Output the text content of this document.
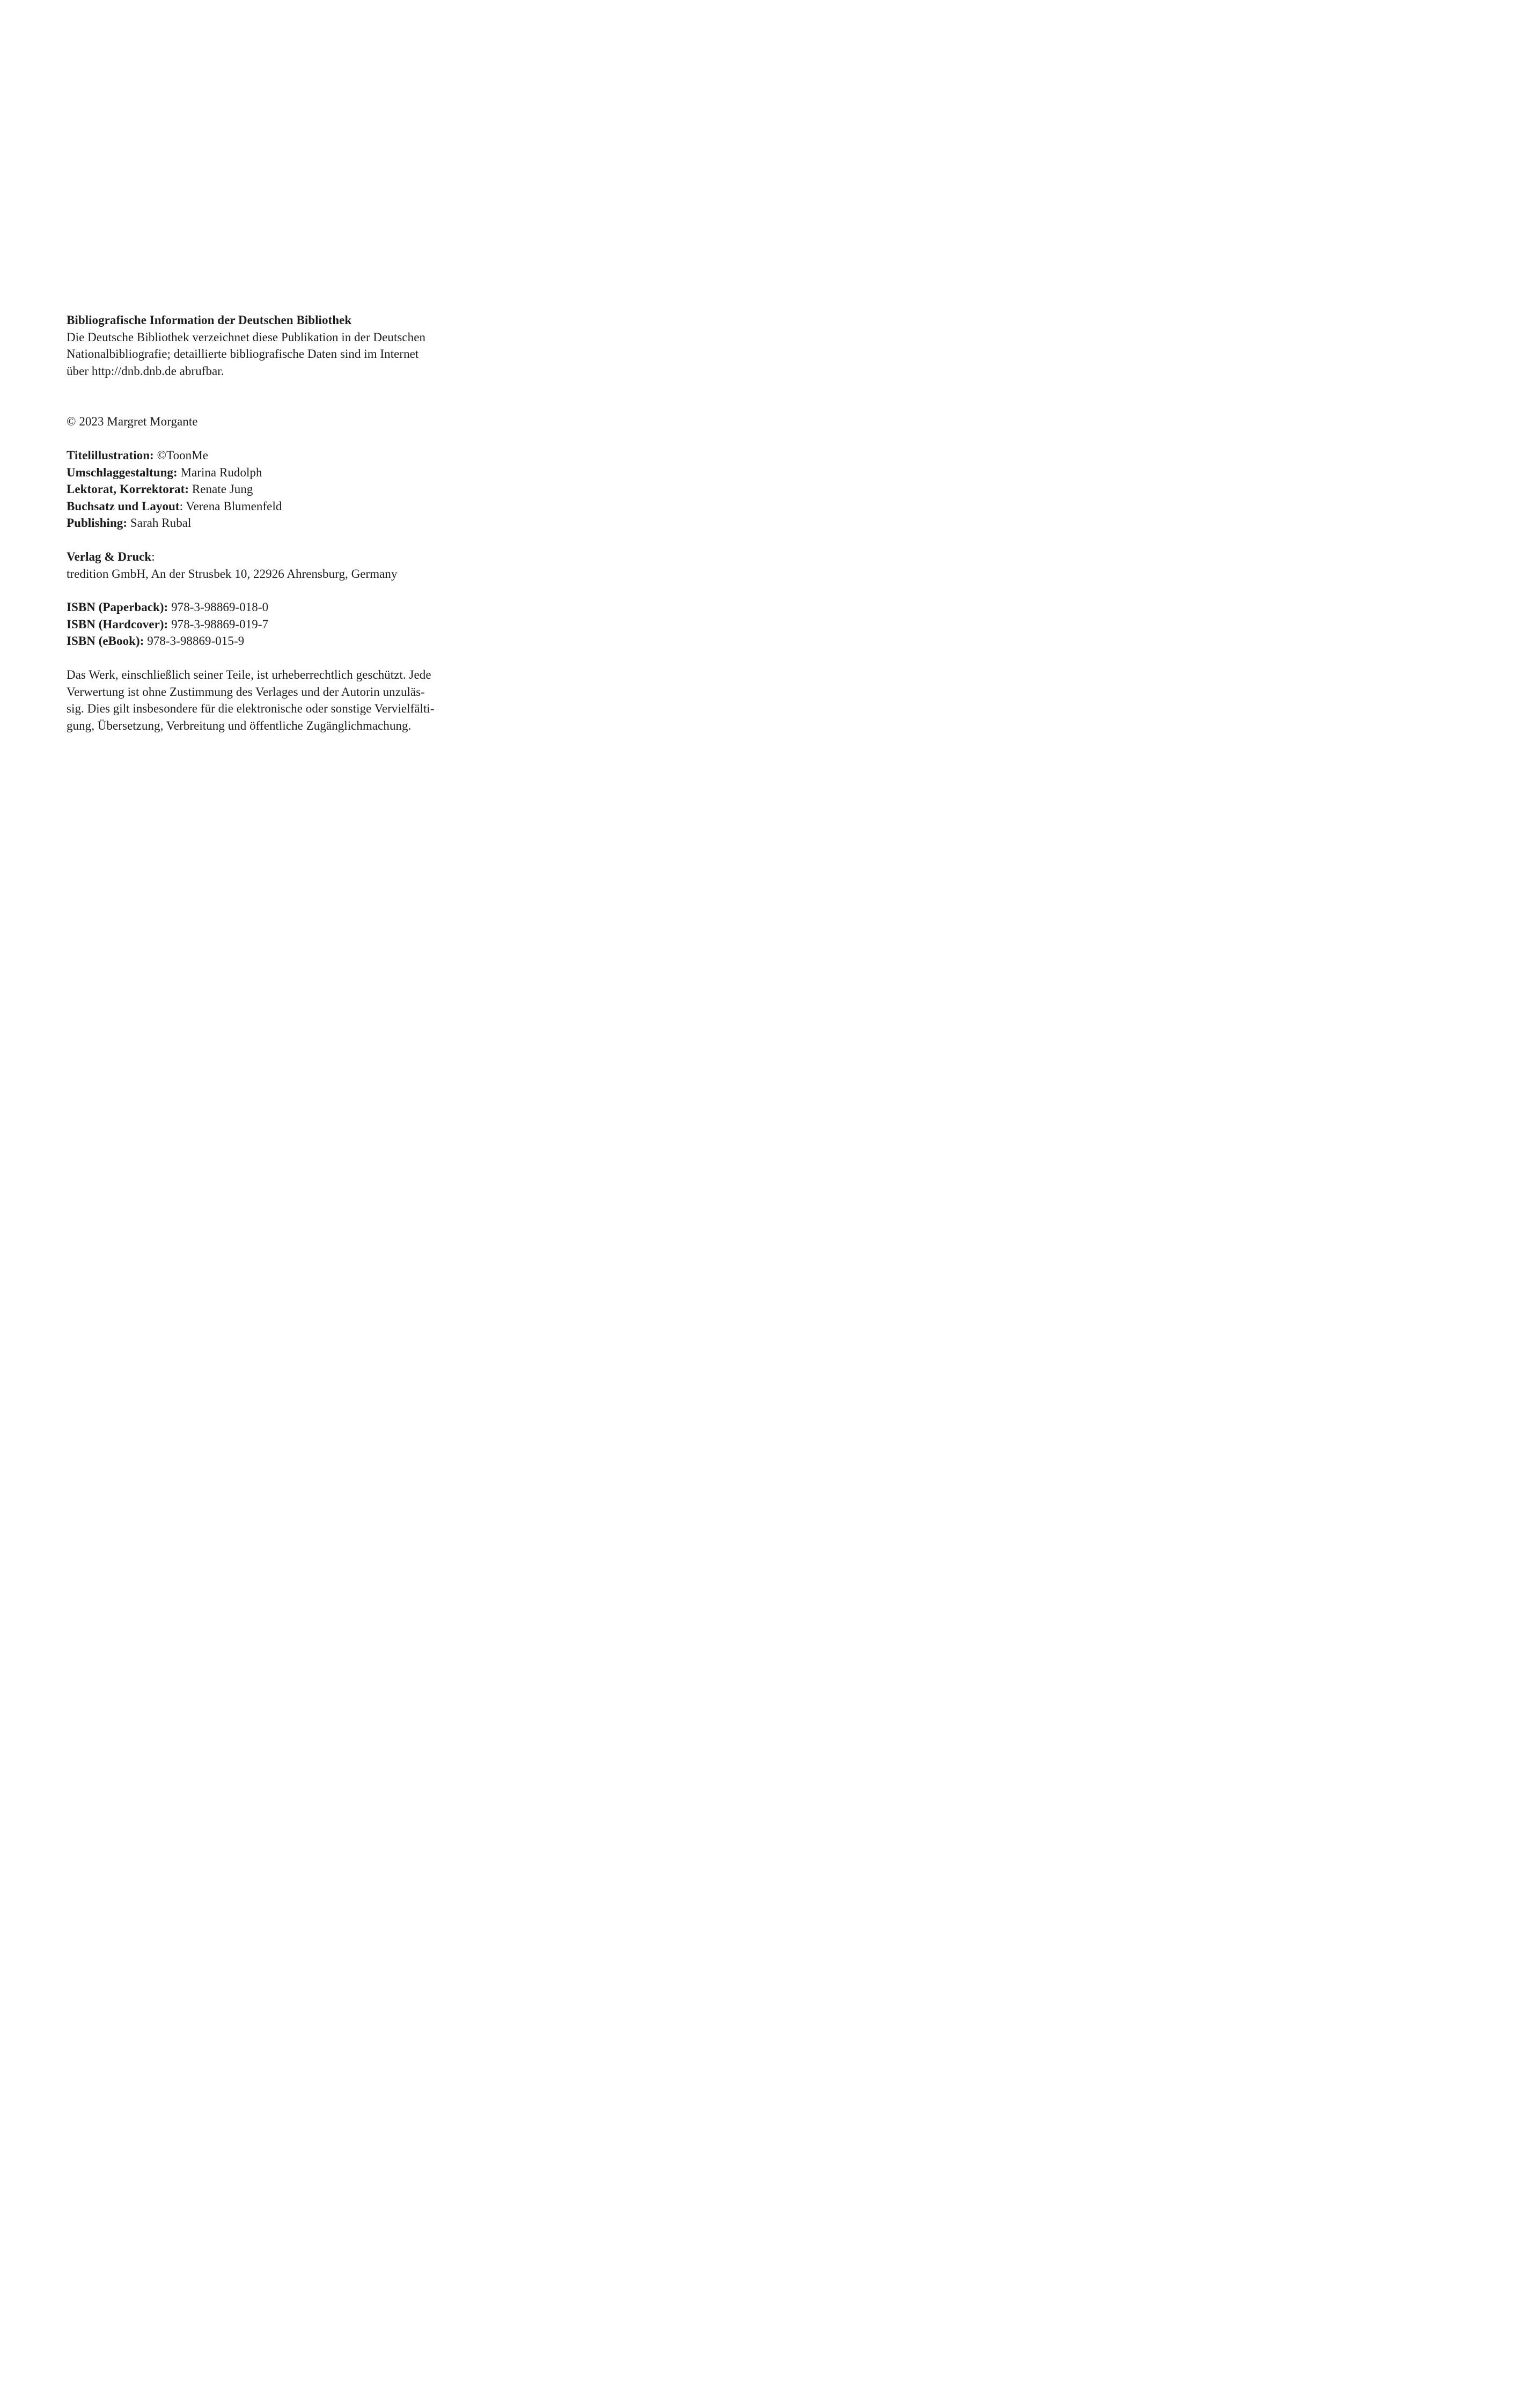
Bibliografische Information der Deutschen Bibliothek
Die Deutsche Bibliothek verzeichnet diese Publikation in der Deutschen
Nationalbibliografie; detaillierte bibliografische Daten sind im Internet
über http://dnb.dnb.de abrufbar.
© 2023 Margret Morgante
Titelillustration: ©ToonMe
Umschlaggestaltung: Marina Rudolph
Lektorat, Korrektorat: Renate Jung
Buchsatz und Layout: Verena Blumenfeld
Publishing: Sarah Rubal
Verlag & Druck:
tredition GmbH, An der Strusbek 10, 22926 Ahrensburg, Germany
ISBN (Paperback): 978-3-98869-018-0
ISBN (Hardcover): 978-3-98869-019-7
ISBN (eBook): 978-3-98869-015-9
Das Werk, einschließlich seiner Teile, ist urheberrechtlich geschützt. Jede
Verwertung ist ohne Zustimmung des Verlages und der Autorin unzuläs-
sig. Dies gilt insbesondere für die elektronische oder sonstige Vervielfälti-
gung, Übersetzung, Verbreitung und öffentliche Zugänglichmachung.
